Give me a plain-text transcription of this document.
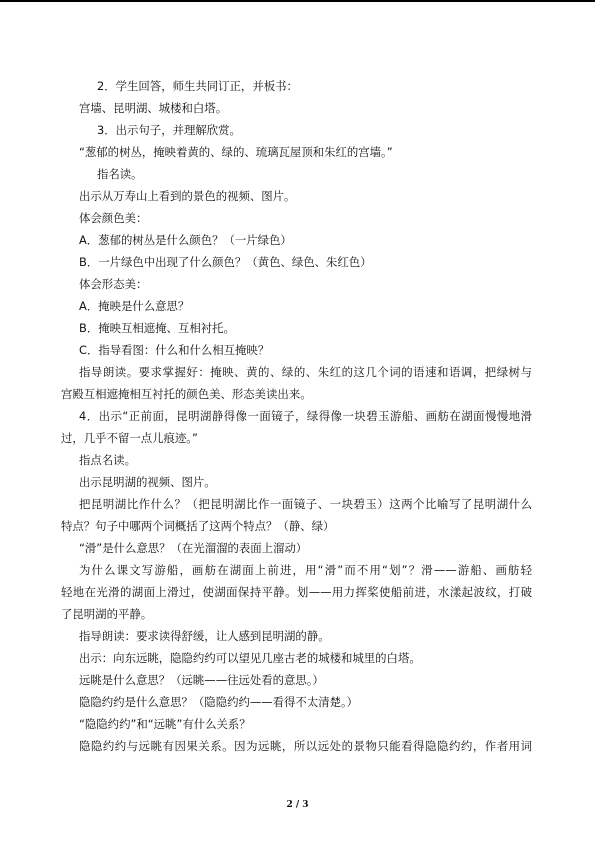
2．学生回答，师生共同订正，并板书：
宫墙、昆明湖、城楼和白塔。
3．出示句子，并理解欣赏。
“葱郁的树丛，掩映着黄的、绿的、琉璃瓦屋顶和朱红的宫墙。”
指名读。
出示从万寿山上看到的景色的视频、图片。
体会颜色美：
A．葱郁的树丛是什么颜色？（一片绿色）
B．一片绿色中出现了什么颜色？（黄色、绿色、朱红色）
体会形态美：
A．掩映是什么意思？
B．掩映互相遮掩、互相衬托。
C．指导看图：什么和什么相互掩映？
指导朗读。要求掌握好：掩映、黄的、绿的、朱红的这几个词的语速和语调，把绿树与
宫殿互相遮掩相互衬托的颜色美、形态美读出来。
4．出示“正前面，昆明湖静得像一面镜子，绿得像一块碧玉游船、画舫在湖面慢慢地滑
过，几乎不留一点儿痕迹。”
指点名读。
出示昆明湖的视频、图片。
把昆明湖比作什么？（把昆明湖比作一面镜子、一块碧玉）这两个比喻写了昆明湖什么
特点？句子中哪两个词概括了这两个特点？（静、绿）
“滑”是什么意思？（在光溜溜的表面上溜动）
为什么课文写游船，画舫在湖面上前进，用“滑”而不用“划”？滑——游船、画舫轻
轻地在光滑的湖面上滑过，使湖面保持平静。划——用力挥桨使船前进，水漾起波纹，打破
了昆明湖的平静。
指导朗读：要求读得舒缓，让人感到昆明湖的静。
出示：向东远眺，隐隐约约可以望见几座古老的城楼和城里的白塔。
远眺是什么意思？（远眺——往远处看的意思。）
隐隐约约是什么意思？（隐隐约约——看得不太清楚。）
“隐隐约约”和“远眺”有什么关系？
隐隐约约与远眺有因果关系。因为远眺，所以远处的景物只能看得隐隐约约，作者用词
2 / 3
